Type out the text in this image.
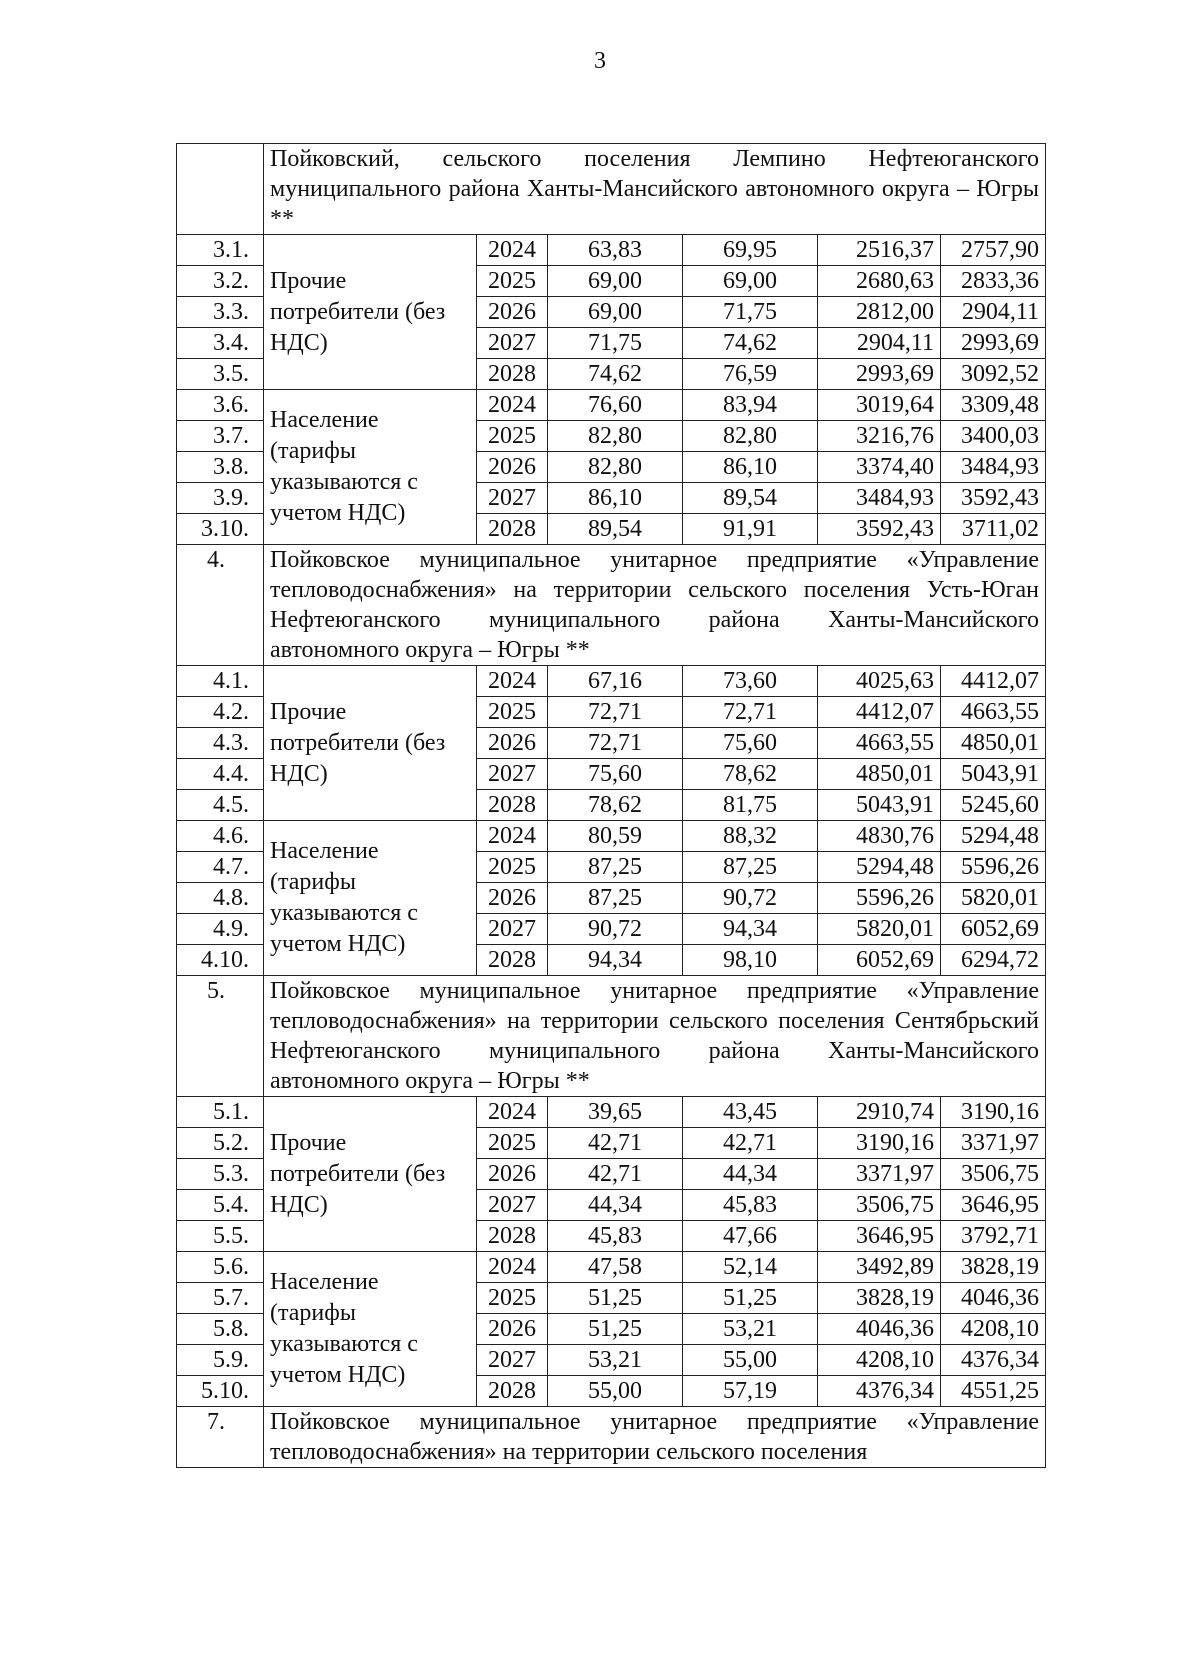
3
	Пойковский, сельского поселения Лемпино Нефтеюганского муниципального района Ханты-Мансийского автономного округа – Югры **					
3.1.	Прочие потребители (без НДС)	2024	63,83	69,95	2516,37	2757,90
3.2.		2025	69,00	69,00	2680,63	2833,36
3.3.		2026	69,00	71,75	2812,00	2904,11
3.4.		2027	71,75	74,62	2904,11	2993,69
3.5.		2028	74,62	76,59	2993,69	3092,52
3.6.	Население (тарифы указываются с учетом НДС)	2024	76,60	83,94	3019,64	3309,48
3.7.		2025	82,80	82,80	3216,76	3400,03
3.8.		2026	82,80	86,10	3374,40	3484,93
3.9.		2027	86,10	89,54	3484,93	3592,43
3.10.		2028	89,54	91,91	3592,43	3711,02
4.	Пойковское муниципальное унитарное предприятие «Управление тепловодоснабжения» на территории сельского поселения Усть-Юган Нефтеюганского муниципального района Ханты-Мансийского автономного округа – Югры **					
4.1.	Прочие потребители (без НДС)	2024	67,16	73,60	4025,63	4412,07
4.2.		2025	72,71	72,71	4412,07	4663,55
4.3.		2026	72,71	75,60	4663,55	4850,01
4.4.		2027	75,60	78,62	4850,01	5043,91
4.5.		2028	78,62	81,75	5043,91	5245,60
4.6.	Население (тарифы указываются с учетом НДС)	2024	80,59	88,32	4830,76	5294,48
4.7.		2025	87,25	87,25	5294,48	5596,26
4.8.		2026	87,25	90,72	5596,26	5820,01
4.9.		2027	90,72	94,34	5820,01	6052,69
4.10.		2028	94,34	98,10	6052,69	6294,72
5.	Пойковское муниципальное унитарное предприятие «Управление тепловодоснабжения» на территории сельского поселения Сентябрьский Нефтеюганского муниципального района Ханты-Мансийского автономного округа – Югры **					
5.1.	Прочие потребители (без НДС)	2024	39,65	43,45	2910,74	3190,16
5.2.		2025	42,71	42,71	3190,16	3371,97
5.3.		2026	42,71	44,34	3371,97	3506,75
5.4.		2027	44,34	45,83	3506,75	3646,95
5.5.		2028	45,83	47,66	3646,95	3792,71
5.6.	Население (тарифы указываются с учетом НДС)	2024	47,58	52,14	3492,89	3828,19
5.7.		2025	51,25	51,25	3828,19	4046,36
5.8.		2026	51,25	53,21	4046,36	4208,10
5.9.		2027	53,21	55,00	4208,10	4376,34
5.10.		2028	55,00	57,19	4376,34	4551,25
7.	Пойковское муниципальное унитарное предприятие «Управление тепловодоснабжения» на территории сельского поселения					
